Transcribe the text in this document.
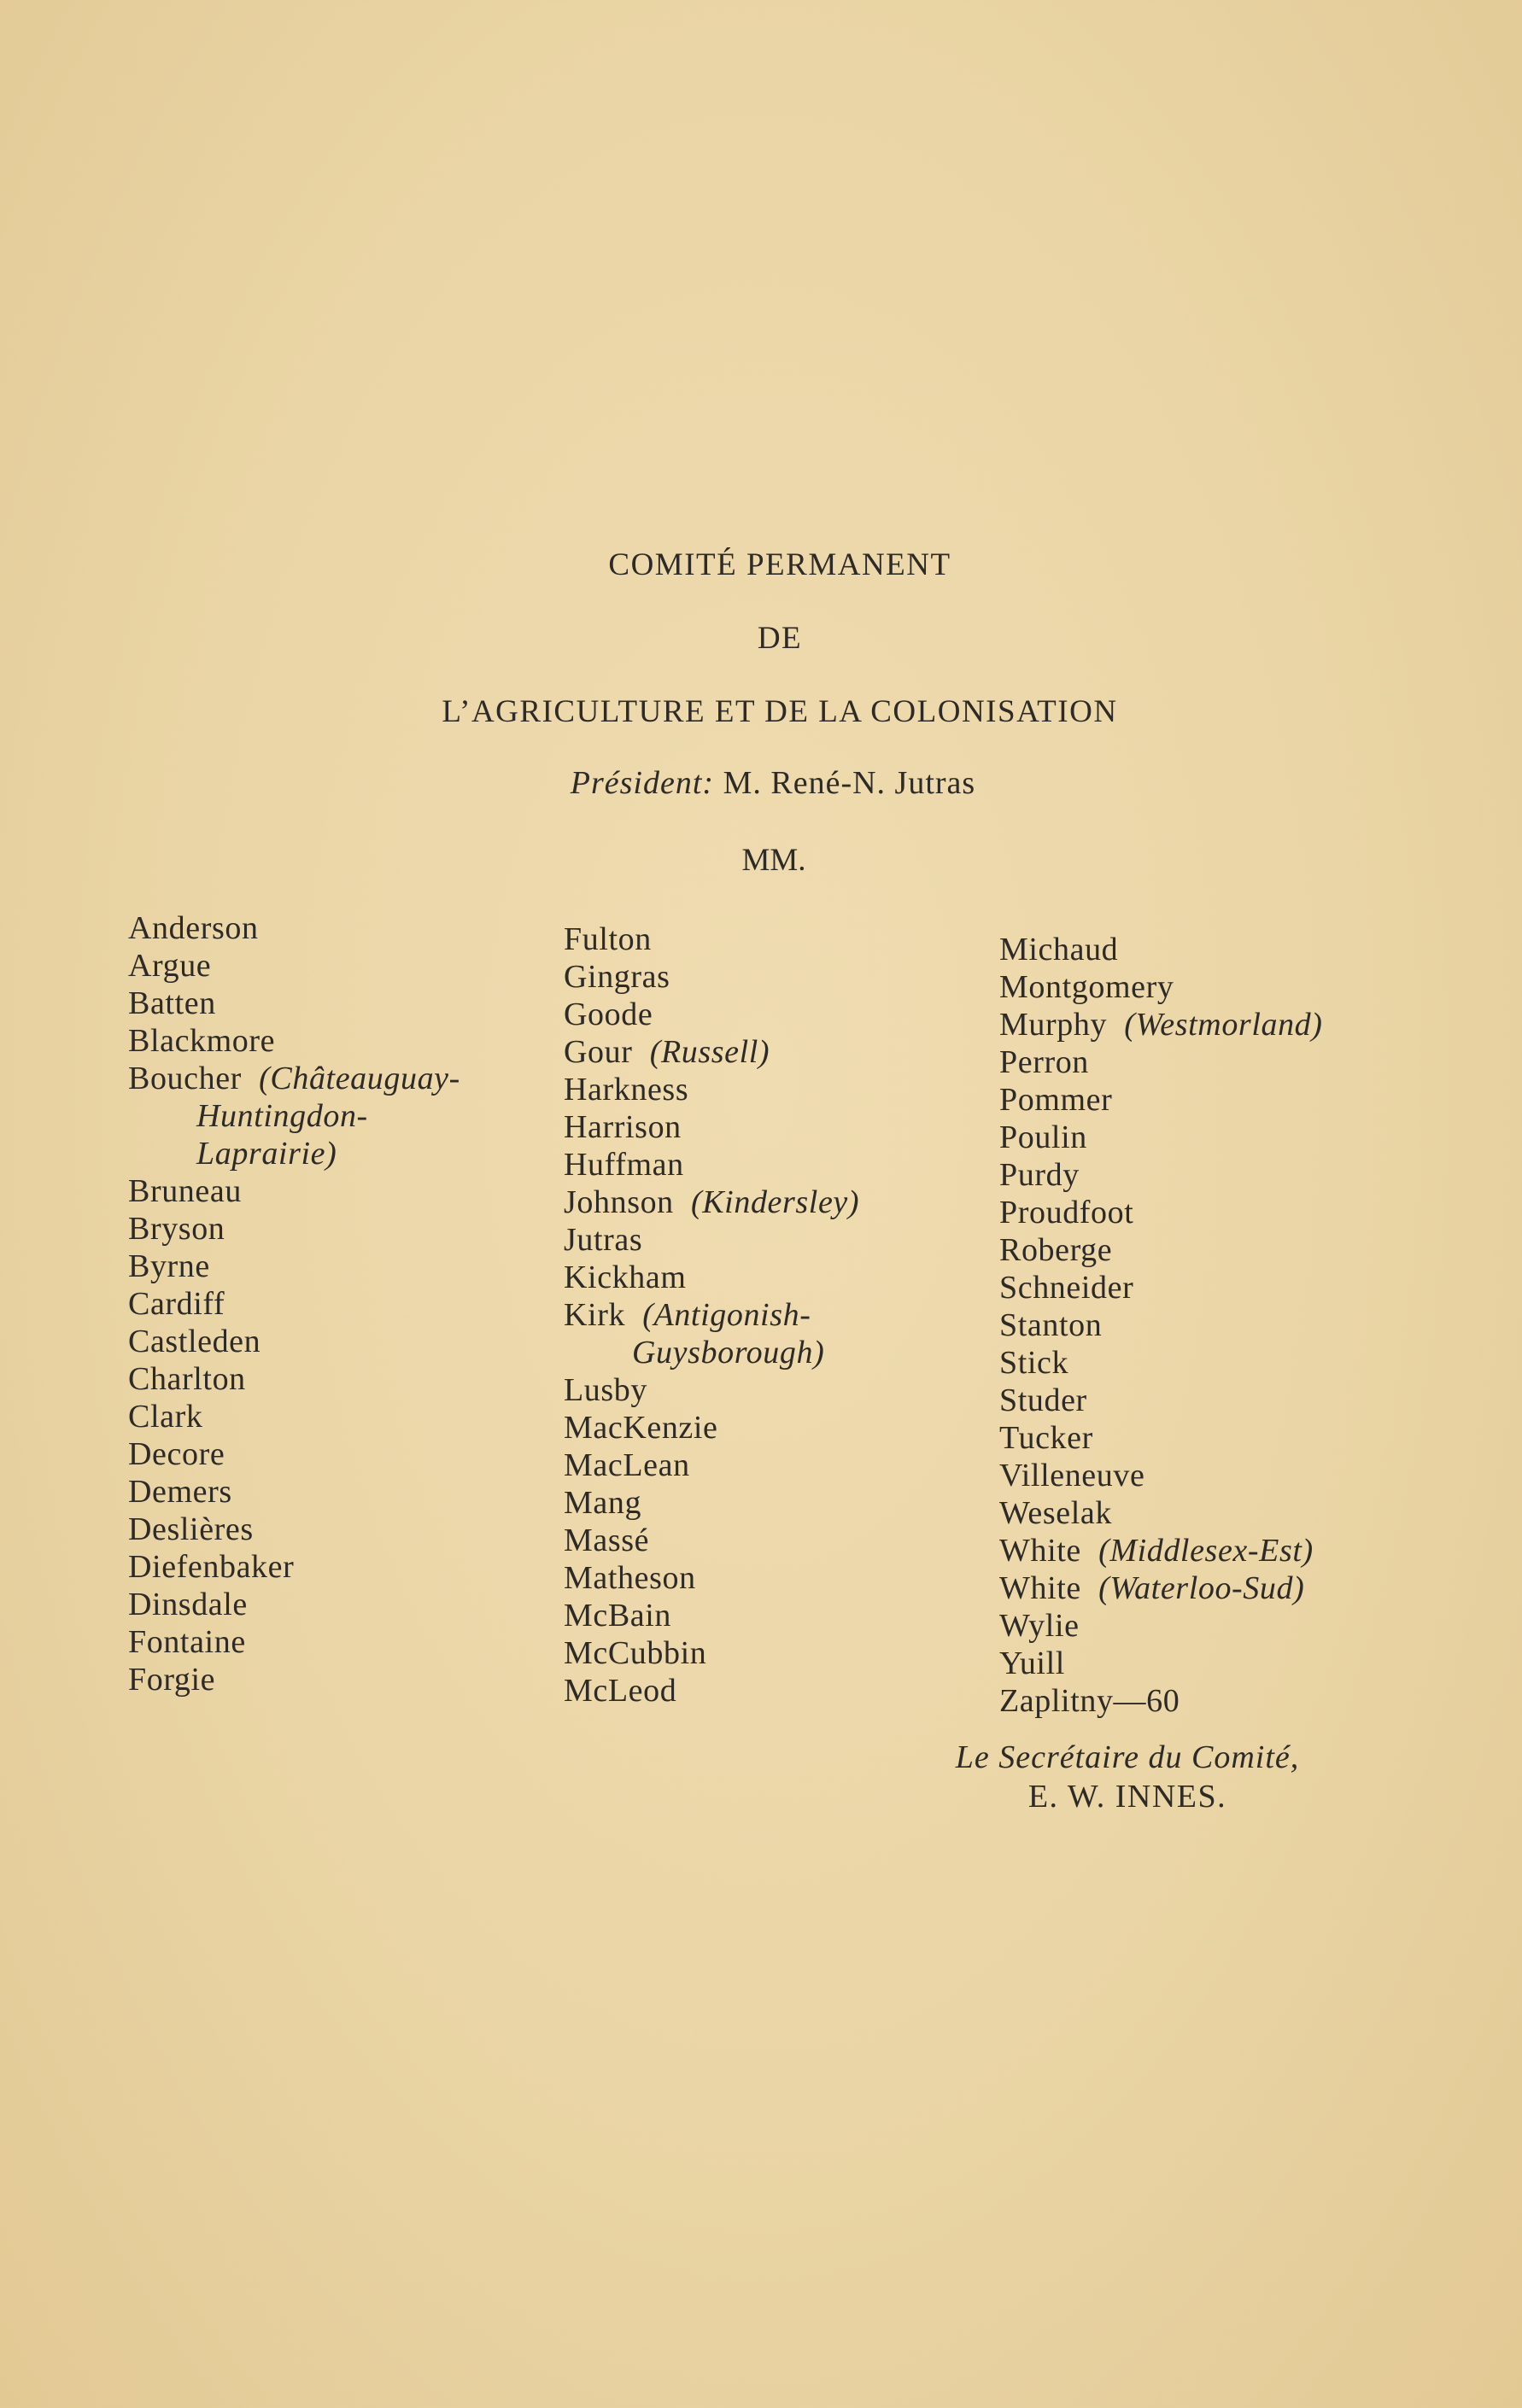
COMITÉ PERMANENT
DE
L’AGRICULTURE ET DE LA COLONISATION
Président: M. René-N. Jutras
MM.
Anderson
Argue
Batten
Blackmore
Boucher (Châteauguay-
Huntingdon-
Laprairie)
Bruneau
Bryson
Byrne
Cardiff
Castleden
Charlton
Clark
Decore
Demers
Deslières
Diefenbaker
Dinsdale
Fontaine
Forgie
Fulton
Gingras
Goode
Gour (Russell)
Harkness
Harrison
Huffman
Johnson (Kindersley)
Jutras
Kickham
Kirk (Antigonish-
Guysborough)
Lusby
MacKenzie
MacLean
Mang
Massé
Matheson
McBain
McCubbin
McLeod
Michaud
Montgomery
Murphy (Westmorland)
Perron
Pommer
Poulin
Purdy
Proudfoot
Roberge
Schneider
Stanton
Stick
Studer
Tucker
Villeneuve
Weselak
White (Middlesex-Est)
White (Waterloo-Sud)
Wylie
Yuill
Zaplitny—60
Le Secrétaire du Comité,
E. W. INNES.
